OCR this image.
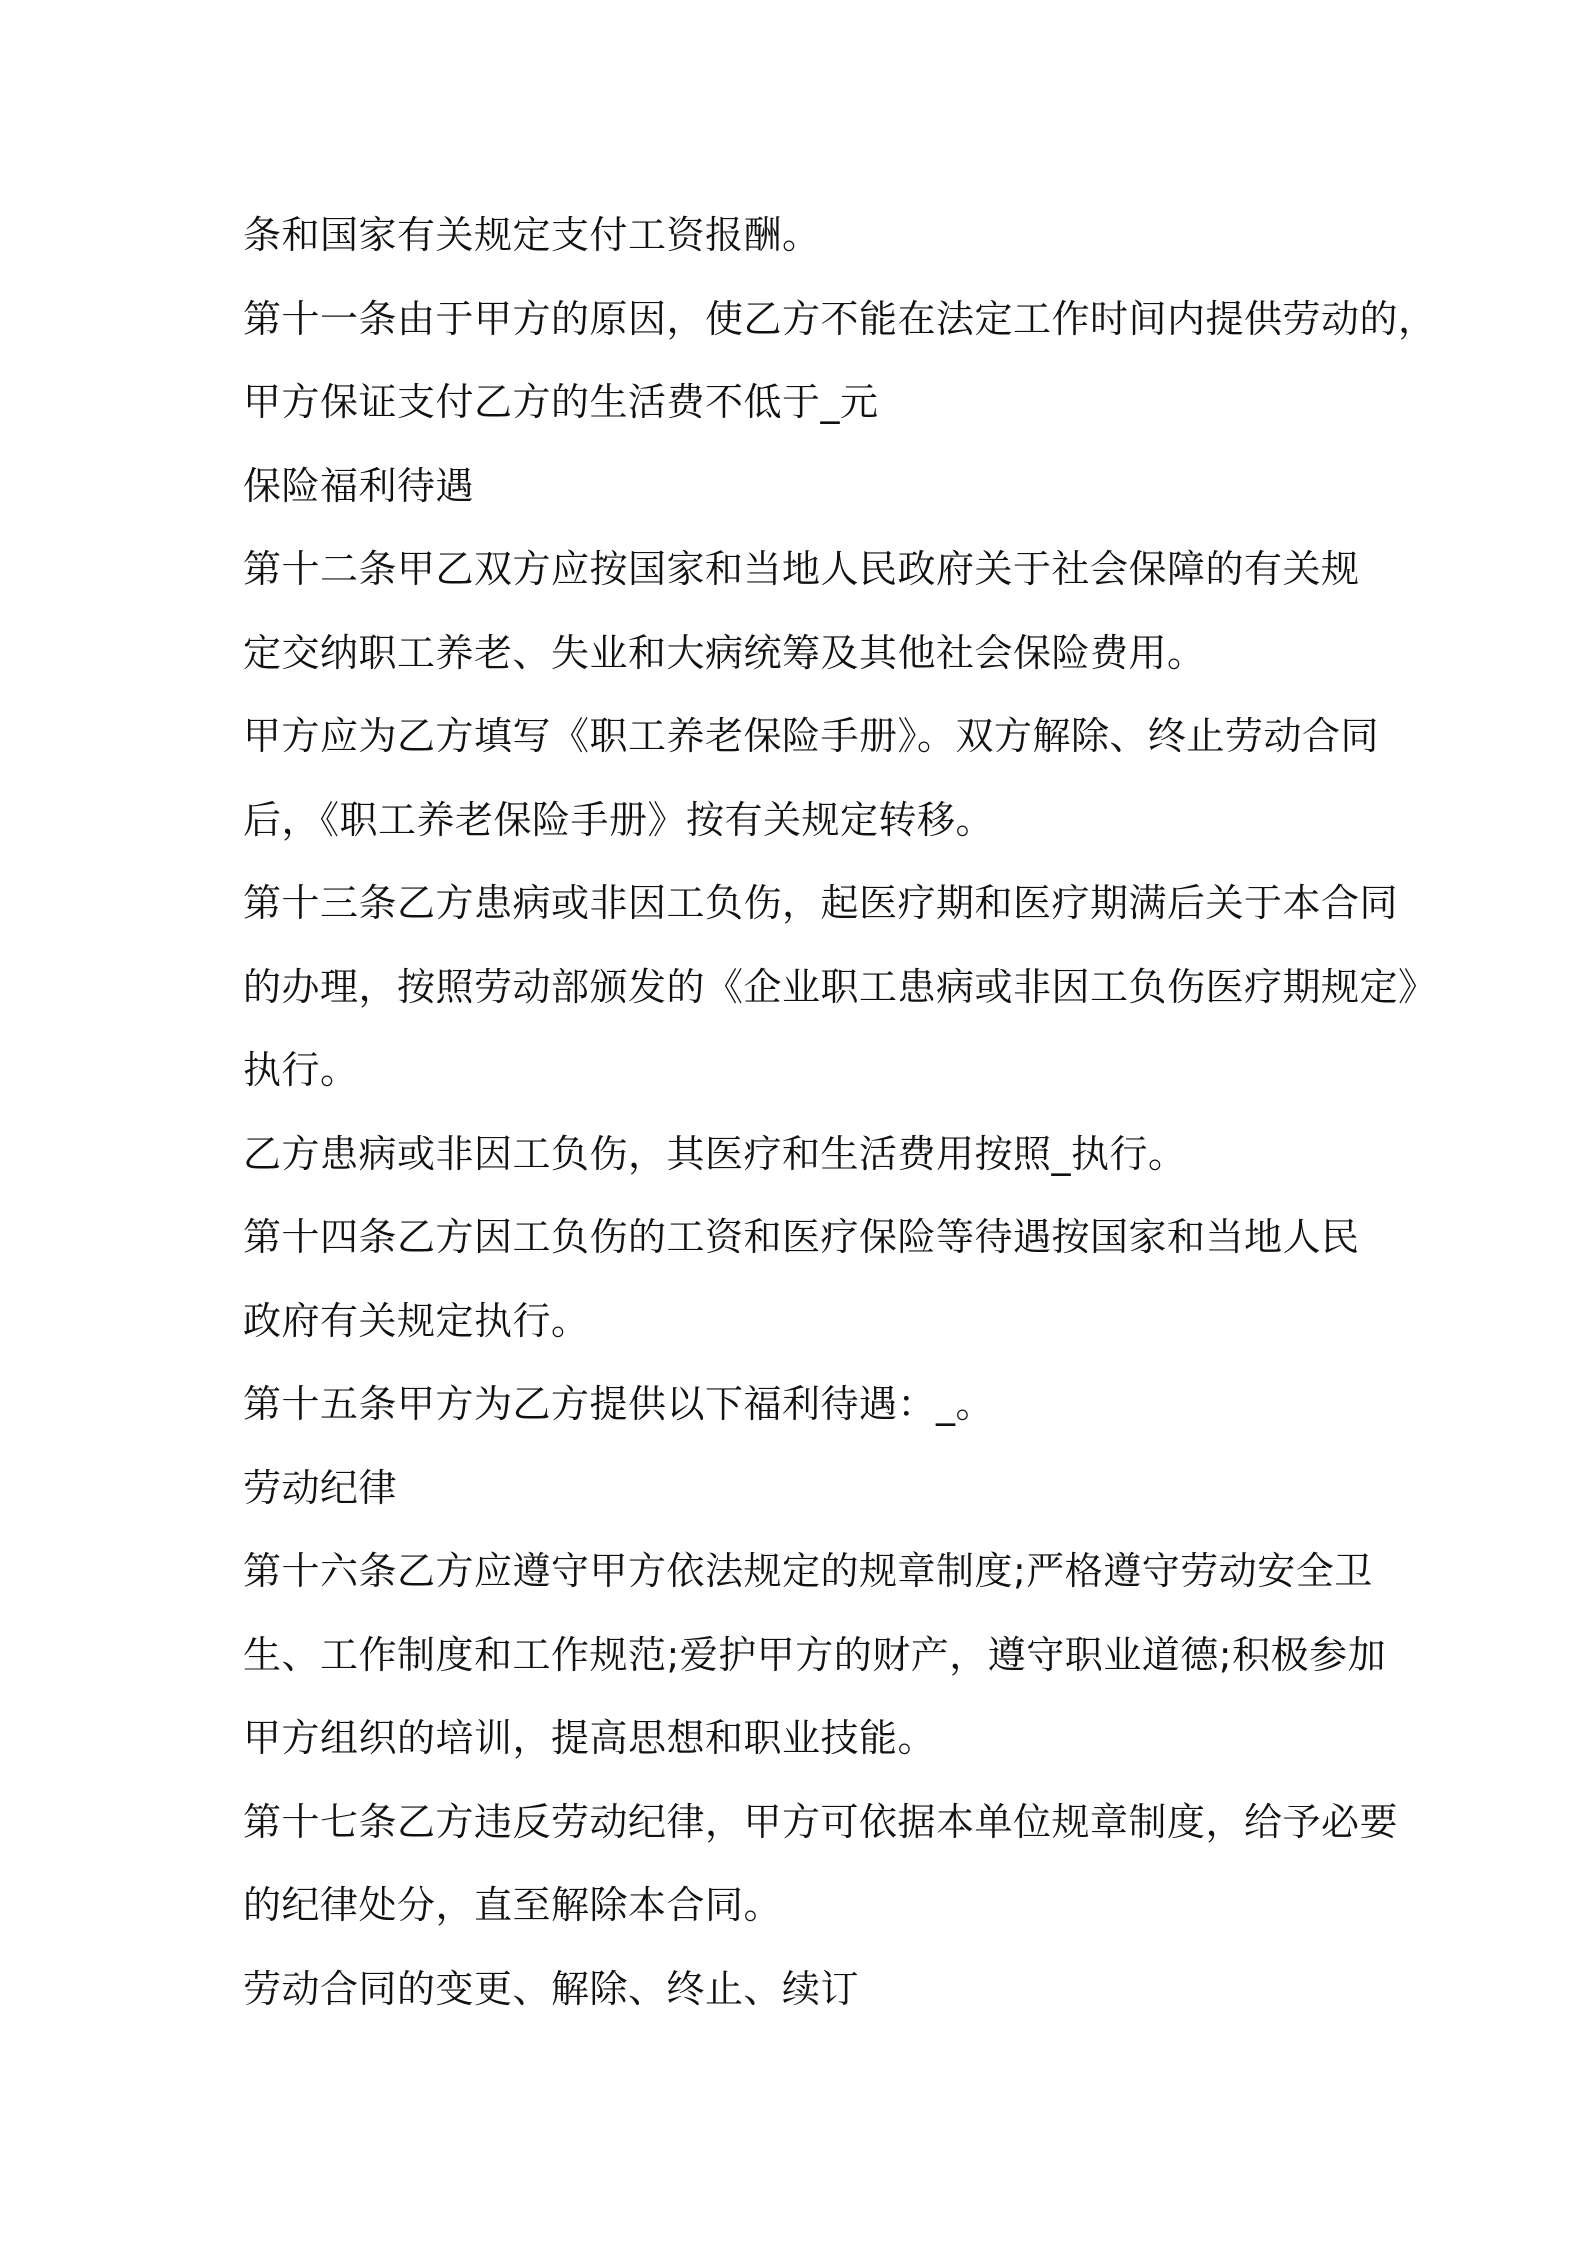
条和国家有关规定支付工资报酬。
第十一条由于甲方的原因，使乙方不能在法定工作时间内提供劳动的，
甲方保证支付乙方的生活费不低于_元
保险福利待遇
第十二条甲乙双方应按国家和当地人民政府关于社会保障的有关规
定交纳职工养老、失业和大病统筹及其他社会保险费用。
甲方应为乙方填写《职工养老保险手册》。双方解除、终止劳动合同
后，《职工养老保险手册》按有关规定转移。
第十三条乙方患病或非因工负伤，起医疗期和医疗期满后关于本合同
的办理，按照劳动部颁发的《企业职工患病或非因工负伤医疗期规定》
执行。
乙方患病或非因工负伤，其医疗和生活费用按照_执行。
第十四条乙方因工负伤的工资和医疗保险等待遇按国家和当地人民
政府有关规定执行。
第十五条甲方为乙方提供以下福利待遇：_。
劳动纪律
第十六条乙方应遵守甲方依法规定的规章制度;严格遵守劳动安全卫
生、工作制度和工作规范;爱护甲方的财产，遵守职业道德;积极参加
甲方组织的培训，提高思想和职业技能。
第十七条乙方违反劳动纪律，甲方可依据本单位规章制度，给予必要
的纪律处分，直至解除本合同。
劳动合同的变更、解除、终止、续订
